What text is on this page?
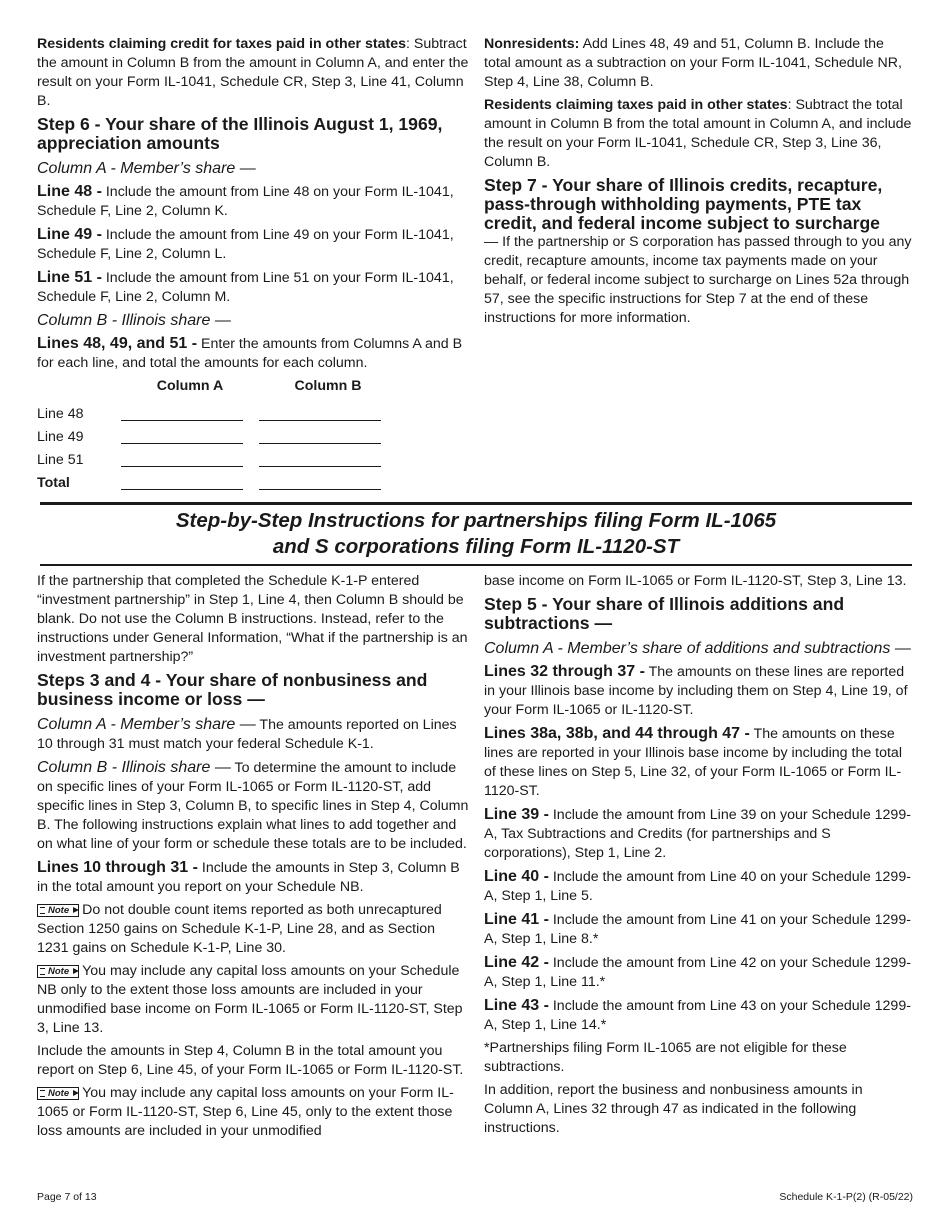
Residents claiming credit for taxes paid in other states: Subtract the amount in Column B from the amount in Column A, and enter the result on your Form IL-1041, Schedule CR, Step 3, Line 41, Column B.

Step 6 - Your share of the Illinois August 1, 1969, appreciation amounts
Column A - Member’s share —

Line 48 - Include the amount from Line 48 on your Form IL-1041, Schedule F, Line 2, Column K.

Line 49 - Include the amount from Line 49 on your Form IL-1041, Schedule F, Line 2, Column L.

Line 51 - Include the amount from Line 51 on your Form IL-1041, Schedule F, Line 2, Column M.

Column B - Illinois share —

Lines 48, 49, and 51 - Enter the amounts from Columns A and B for each line, and total the amounts for each column.

	Column A	Column B
Line 48	

Line 49	

Line 51	

Total	

Nonresidents: Add Lines 48, 49 and 51, Column B. Include the total amount as a subtraction on your Form IL-1041, Schedule NR, Step 4, Line 38, Column B.

Residents claiming taxes paid in other states: Subtract the total amount in Column B from the total amount in Column A, and include the result on your Form IL-1041, Schedule CR, Step 3, Line 36, Column B.

Step 7 - Your share of Illinois credits, recapture, pass-through withholding payments, PTE tax credit, and federal income subject to surcharge

— If the partnership or S corporation has passed through to you any credit, recapture amounts, income tax payments made on your behalf, or federal income subject to surcharge on Lines 52a through 57, see the specific instructions for Step 7 at the end of these instructions for more information.

Step-by-Step Instructions for partnerships filing Form IL-1065
and S corporations filing Form IL-1120-ST

If the partnership that completed the Schedule K-1-P entered “investment partnership” in Step 1, Line 4, then Column B should be blank. Do not use the Column B instructions. Instead, refer to the instructions under General Information, “What if the partnership is an investment partnership?”

Steps 3 and 4 - Your share of nonbusiness and business income or loss —

Column A - Member’s share — The amounts reported on Lines 10 through 31 must match your federal Schedule K-1.

Column B - Illinois share — To determine the amount to include on specific lines of your Form IL-1065 or Form IL-1120-ST, add specific lines in Step 3, Column B, to specific lines in Step 4, Column B. The following instructions explain what lines to add together and on what line of your form or schedule these totals are to be included.

Lines 10 through 31 - Include the amounts in Step 3, Column B in the total amount you report on your Schedule NB.

Note Do not double count items reported as both unrecaptured Section 1250 gains on Schedule K-1-P, Line 28, and as Section 1231 gains on Schedule K-1-P, Line 30.

Note You may include any capital loss amounts on your Schedule NB only to the extent those loss amounts are included in your unmodified base income on Form IL-1065 or Form IL-1120-ST, Step 3, Line 13.

Include the amounts in Step 4, Column B in the total amount you report on Step 6, Line 45, of your Form IL-1065 or Form IL-1120-ST.

Note You may include any capital loss amounts on your Form IL-1065 or Form IL-1120-ST, Step 6, Line 45, only to the extent those loss amounts are included in your unmodified

base income on Form IL-1065 or Form IL-1120-ST, Step 3, Line 13.

Step 5 - Your share of Illinois additions and subtractions —
Column A - Member’s share of additions and subtractions —

Lines 32 through 37 - The amounts on these lines are reported in your Illinois base income by including them on Step 4, Line 19, of your Form IL-1065 or IL-1120-ST.

Lines 38a, 38b, and 44 through 47 - The amounts on these lines are reported in your Illinois base income by including the total of these lines on Step 5, Line 32, of your Form IL-1065 or Form IL-1120-ST.

Line 39 - Include the amount from Line 39 on your Schedule 1299-A, Tax Subtractions and Credits (for partnerships and S corporations), Step 1, Line 2.

Line 40 - Include the amount from Line 40 on your Schedule 1299-A, Step 1, Line 5.

Line 41 - Include the amount from Line 41 on your Schedule 1299-A, Step 1, Line 8.*

Line 42 - Include the amount from Line 42 on your Schedule 1299-A, Step 1, Line 11.*

Line 43 - Include the amount from Line 43 on your Schedule 1299-A, Step 1, Line 14.*

*Partnerships filing Form IL-1065 are not eligible for these subtractions.

In addition, report the business and nonbusiness amounts in Column A, Lines 32 through 47 as indicated in the following instructions.

Page 7 of 13	Schedule K-1-P(2) (R-05/22)
